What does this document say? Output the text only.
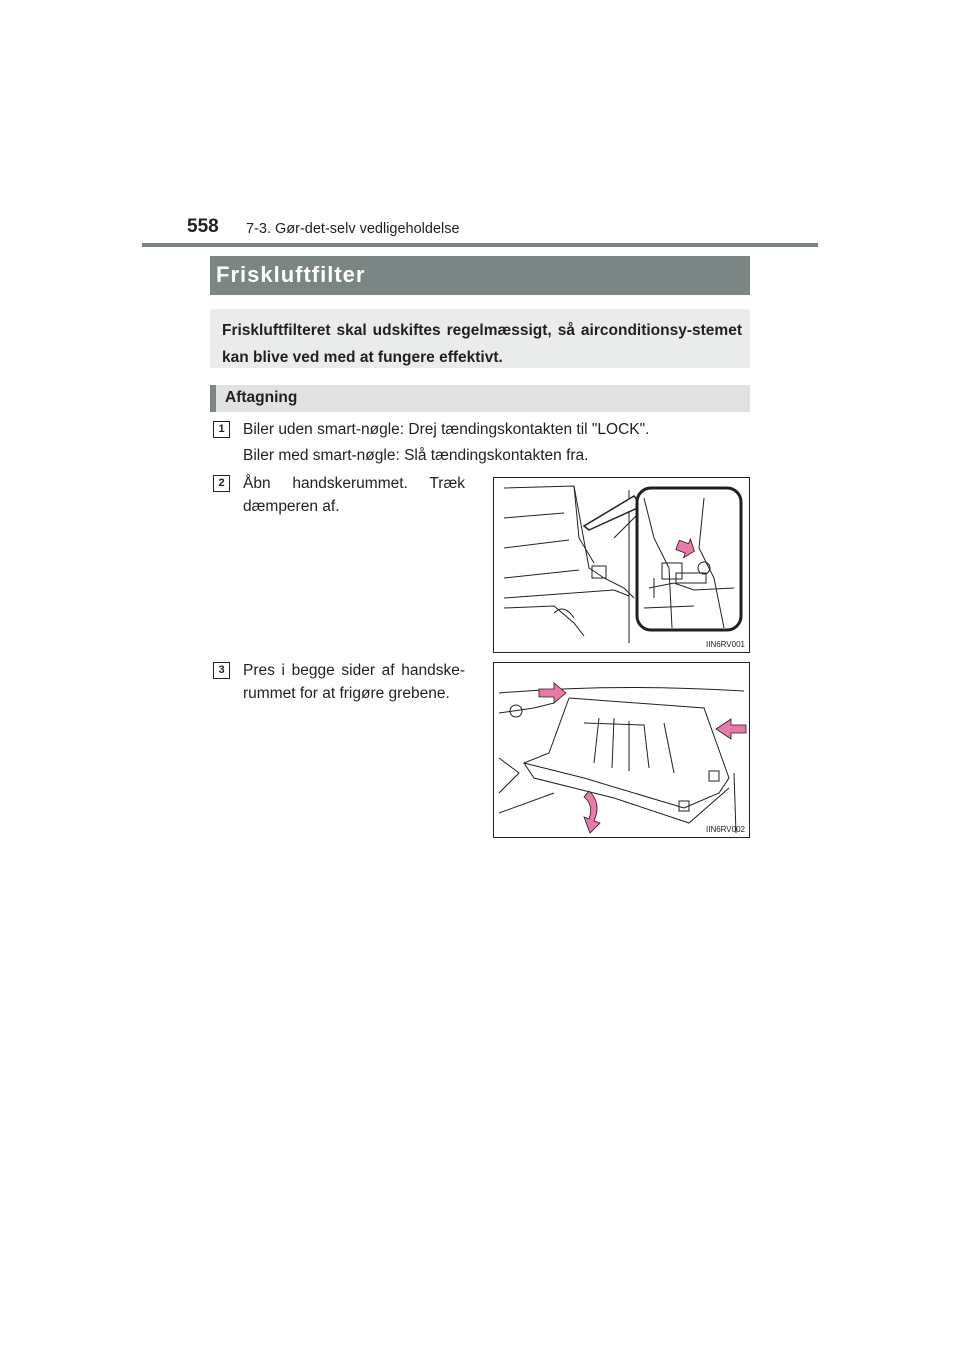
558 7-3. Gør-det-selv vedligeholdelse
Friskluftfilter

Friskluftfilteret skal udskiftes regelmæssigt, så airconditionsy-stemet kan blive ved med at fungere effektivt.

Aftagning
1	Biler uden smart-nøgle: Drej tændingskontakten til "LOCK".
Biler med smart-nøgle: Slå tændingskontakten fra.
2	Åbn handskerummet. Træk dæmperen af.
IIN6RV001
3	Pres i begge sider af handske-rummet for at frigøre grebene.
IIN6RV002
